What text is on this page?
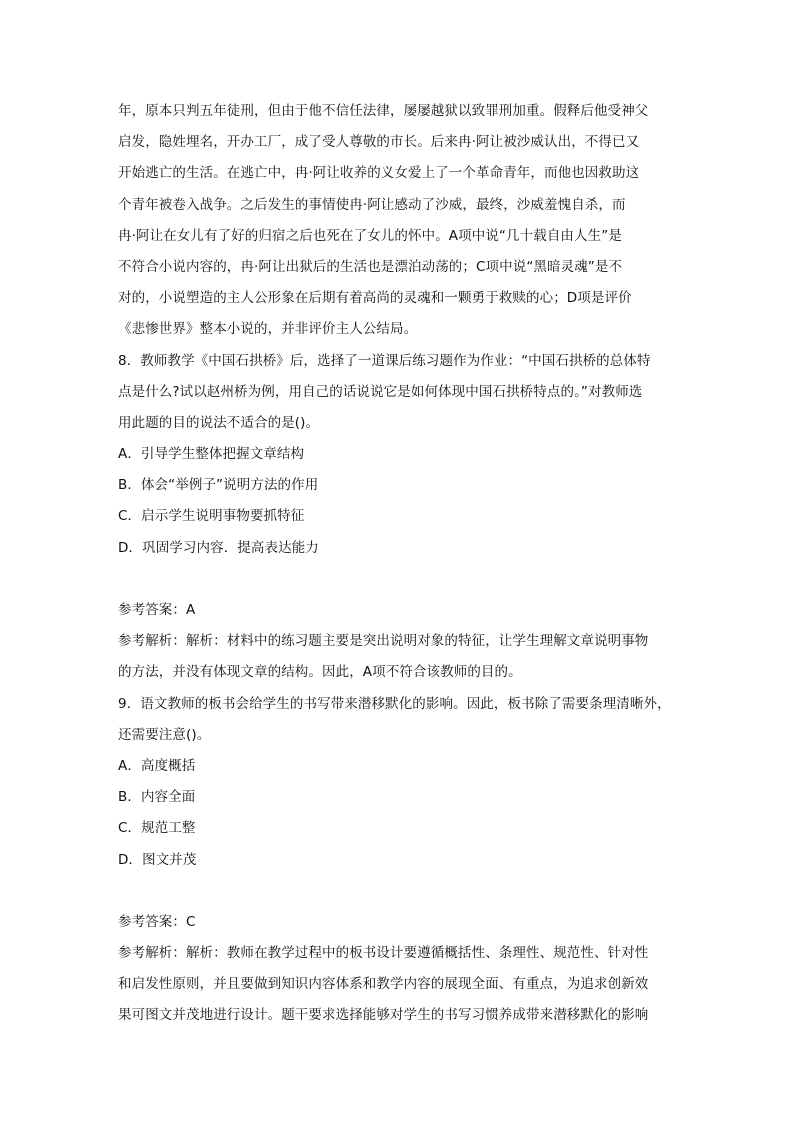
年，原本只判五年徒刑，但由于他不信任法律，屡屡越狱以致罪刑加重。假释后他受神父
启发，隐姓埋名，开办工厂，成了受人尊敬的市长。后来冉·阿让被沙威认出，不得已又
开始逃亡的生活。在逃亡中，冉·阿让收养的义女爱上了一个革命青年，而他也因救助这
个青年被卷入战争。之后发生的事情使冉·阿让感动了沙威，最终，沙威羞愧自杀，而
冉·阿让在女儿有了好的归宿之后也死在了女儿的怀中。A项中说“几十载自由人生”是
不符合小说内容的，冉·阿让出狱后的生活也是漂泊动荡的；C项中说“黑暗灵魂”是不
对的，小说塑造的主人公形象在后期有着高尚的灵魂和一颗勇于救赎的心；D项是评价
《悲惨世界》整本小说的，并非评价主人公结局。
8．教师教学《中国石拱桥》后，选择了一道课后练习题作为作业：“中国石拱桥的总体特
点是什么?试以赵州桥为例，用自己的话说说它是如何体现中国石拱桥特点的。”对教师选
用此题的目的说法不适合的是()。
A．引导学生整体把握文章结构
B．体会“举例子”说明方法的作用
C．启示学生说明事物要抓特征
D．巩固学习内容．提高表达能力
参考答案：A
参考解析：解析：材料中的练习题主要是突出说明对象的特征，让学生理解文章说明事物
的方法，并没有体现文章的结构。因此，A项不符合该教师的目的。
9．语文教师的板书会给学生的书写带来潜移默化的影响。因此，板书除了需要条理清晰外，
还需要注意()。
A．高度概括
B．内容全面
C．规范工整
D．图文并茂
参考答案：C
参考解析：解析：教师在教学过程中的板书设计要遵循概括性、条理性、规范性、针对性
和启发性原则，并且要做到知识内容体系和教学内容的展现全面、有重点，为追求创新效
果可图文并茂地进行设计。题干要求选择能够对学生的书写习惯养成带来潜移默化的影响
